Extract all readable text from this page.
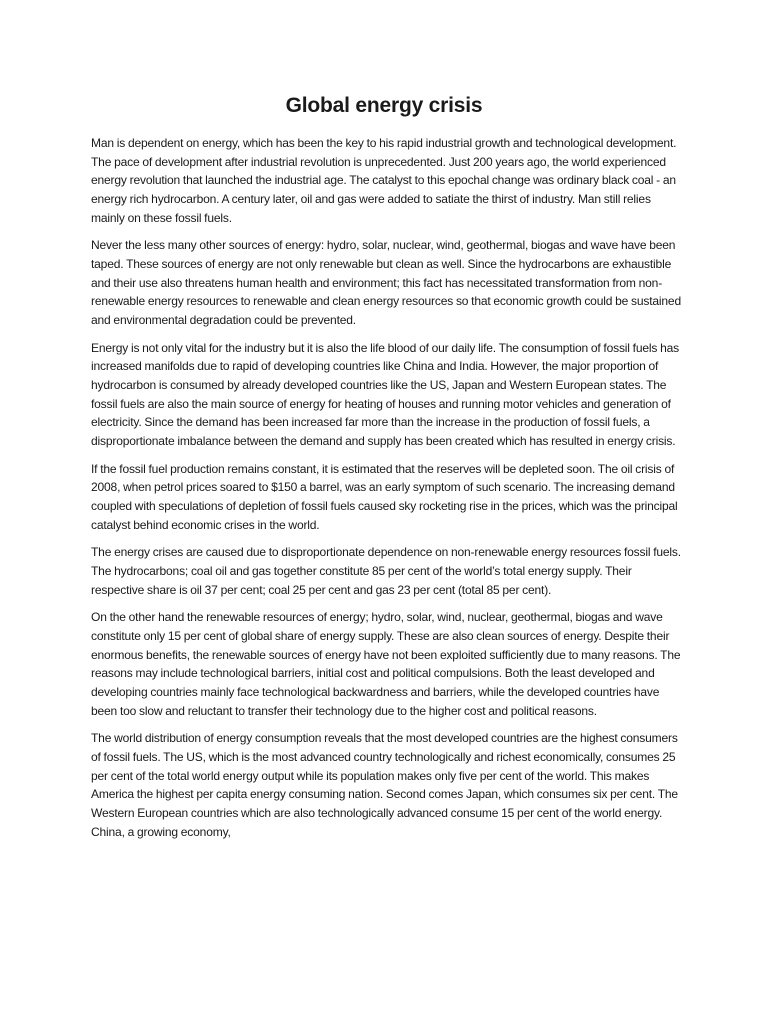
Global energy crisis

Man is dependent on energy, which has been the key to his rapid industrial growth and technological development. The pace of development after industrial revolution is unprecedented. Just 200 years ago, the world experienced energy revolution that launched the industrial age. The catalyst to this epochal change was ordinary black coal - an energy rich hydrocarbon. A century later, oil and gas were added to satiate the thirst of industry. Man still relies mainly on these fossil fuels.

Never the less many other sources of energy: hydro, solar, nuclear, wind, geothermal, biogas and wave have been taped. These sources of energy are not only renewable but clean as well. Since the hydrocarbons are exhaustible and their use also threatens human health and environment; this fact has necessitated transformation from non-renewable energy resources to renewable and clean energy resources so that economic growth could be sustained and environmental degradation could be prevented.

Energy is not only vital for the industry but it is also the life blood of our daily life. The consumption of fossil fuels has increased manifolds due to rapid of developing countries like China and India. However, the major proportion of hydrocarbon is consumed by already developed countries like the US, Japan and Western European states. The fossil fuels are also the main source of energy for heating of houses and running motor vehicles and generation of electricity. Since the demand has been increased far more than the increase in the production of fossil fuels, a disproportionate imbalance between the demand and supply has been created which has resulted in energy crisis.

If the fossil fuel production remains constant, it is estimated that the reserves will be depleted soon. The oil crisis of 2008, when petrol prices soared to $150 a barrel, was an early symptom of such scenario. The increasing demand coupled with speculations of depletion of fossil fuels caused sky rocketing rise in the prices, which was the principal catalyst behind economic crises in the world.

The energy crises are caused due to disproportionate dependence on non-renewable energy resources fossil fuels. The hydrocarbons; coal oil and gas together constitute 85 per cent of the world’s total energy supply. Their respective share is oil 37 per cent; coal 25 per cent and gas 23 per cent (total 85 per cent).

On the other hand the renewable resources of energy; hydro, solar, wind, nuclear, geothermal, biogas and wave constitute only 15 per cent of global share of energy supply. These are also clean sources of energy. Despite their enormous benefits, the renewable sources of energy have not been exploited sufficiently due to many reasons. The reasons may include technological barriers, initial cost and political compulsions. Both the least developed and developing countries mainly face technological backwardness and barriers, while the developed countries have been too slow and reluctant to transfer their technology due to the higher cost and political reasons.

The world distribution of energy consumption reveals that the most developed countries are the highest consumers of fossil fuels. The US, which is the most advanced country technologically and richest economically, consumes 25 per cent of the total world energy output while its population makes only five per cent of the world. This makes America the highest per capita energy consuming nation. Second comes Japan, which consumes six per cent. The Western European countries which are also technologically advanced consume 15 per cent of the world energy. China, a growing economy,
